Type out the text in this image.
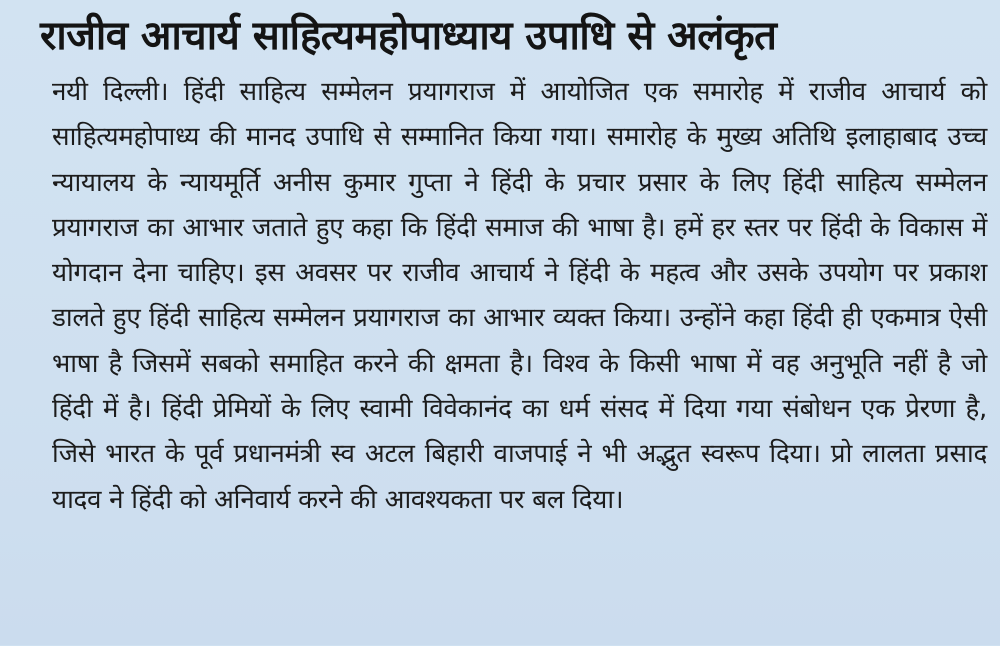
राजीव आचार्य साहित्यमहोपाध्याय उपाधि से अलंकृत

नयी दिल्ली। हिंदी साहित्य सम्मेलन प्रयागराज में आयोजित एक समारोह में राजीव आचार्य को साहित्यमहोपाध्य की मानद उपाधि से सम्मानित किया गया। समारोह के मुख्य अतिथि इलाहाबाद उच्च न्यायालय के न्यायमूर्ति अनीस कुमार गुप्ता ने हिंदी के प्रचार प्रसार के लिए हिंदी साहित्य सम्मेलन प्रयागराज का आभार जताते हुए कहा कि हिंदी समाज की भाषा है। हमें हर स्तर पर हिंदी के विकास में योगदान देना चाहिए। इस अवसर पर राजीव आचार्य ने हिंदी के महत्व और उसके उपयोग पर प्रकाश डालते हुए हिंदी साहित्य सम्मेलन प्रयागराज का आभार व्यक्त किया। उन्होंने कहा हिंदी ही एकमात्र ऐसी भाषा है जिसमें सबको समाहित करने की क्षमता है। विश्व के किसी भाषा में वह अनुभूति नहीं है जो हिंदी में है। हिंदी प्रेमियों के लिए स्वामी विवेकानंद का धर्म संसद में दिया गया संबोधन एक प्रेरणा है, जिसे भारत के पूर्व प्रधानमंत्री स्व अटल बिहारी वाजपाई ने भी अद्भुत स्वरूप दिया। प्रो लालता प्रसाद यादव ने हिंदी को अनिवार्य करने की आवश्यकता पर बल दिया।
